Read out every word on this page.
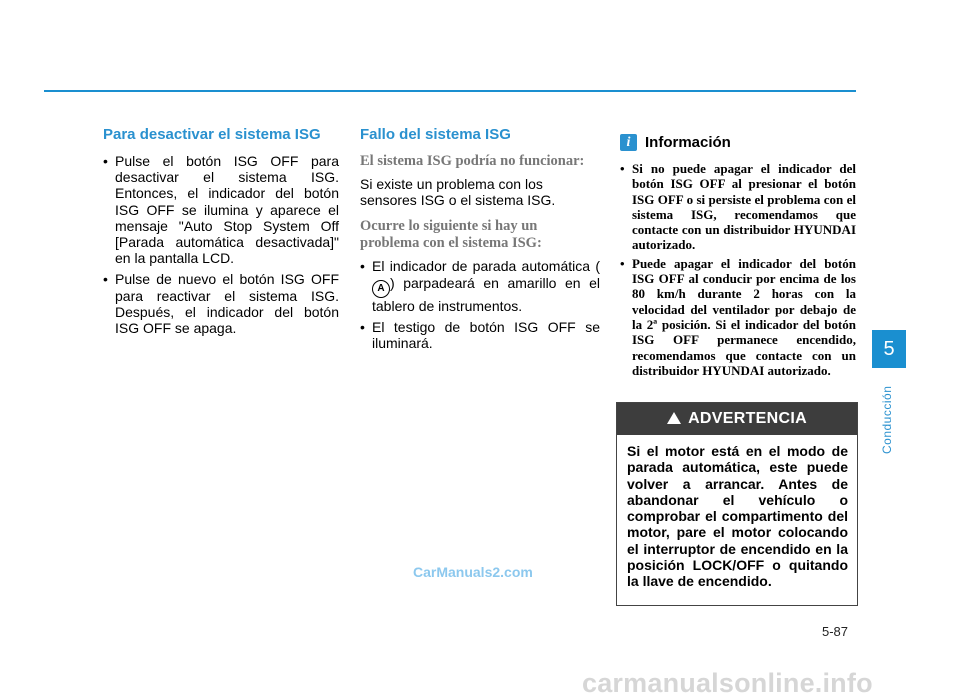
Para desactivar el sistema ISG
• Pulse el botón ISG OFF para desactivar el sistema ISG. Entonces, el indicador del botón ISG OFF se ilumina y aparece el mensaje "Auto Stop System Off [Parada automática desactivada]" en la pantalla LCD.
• Pulse de nuevo el botón ISG OFF para reactivar el sistema ISG. Después, el indicador del botón ISG OFF se apaga.
Fallo del sistema ISG
El sistema ISG podría no funcionar:
Si existe un problema con los sensores ISG o el sistema ISG.
Ocurre lo siguiente si hay un problema con el sistema ISG:
• El indicador de parada automática (A ) parpadeará en amarillo en el tablero de instrumentos.
• El testigo de botón ISG OFF se iluminará.
i Información
• Si no puede apagar el indicador del botón ISG OFF al presionar el botón ISG OFF o si persiste el problema con el sistema ISG, recomendamos que contacte con un distribuidor HYUNDAI autorizado.
• Puede apagar el indicador del botón ISG OFF al conducir por encima de los 80 km/h durante 2 horas con la velocidad del ventilador por debajo de la 2ª posición. Si el indicador del botón ISG OFF permanece encendido, recomendamos que contacte con un distribuidor HYUNDAI autorizado.
ADVERTENCIA
Si el motor está en el modo de parada automática, este puede volver a arrancar. Antes de abandonar el vehículo o comprobar el compartimento del motor, pare el motor colocando el interruptor de encendido en la posición LOCK/OFF o quitando la llave de encendido.
5
Conducción
5-87
CarManuals2.com
carmanualsonline.info
